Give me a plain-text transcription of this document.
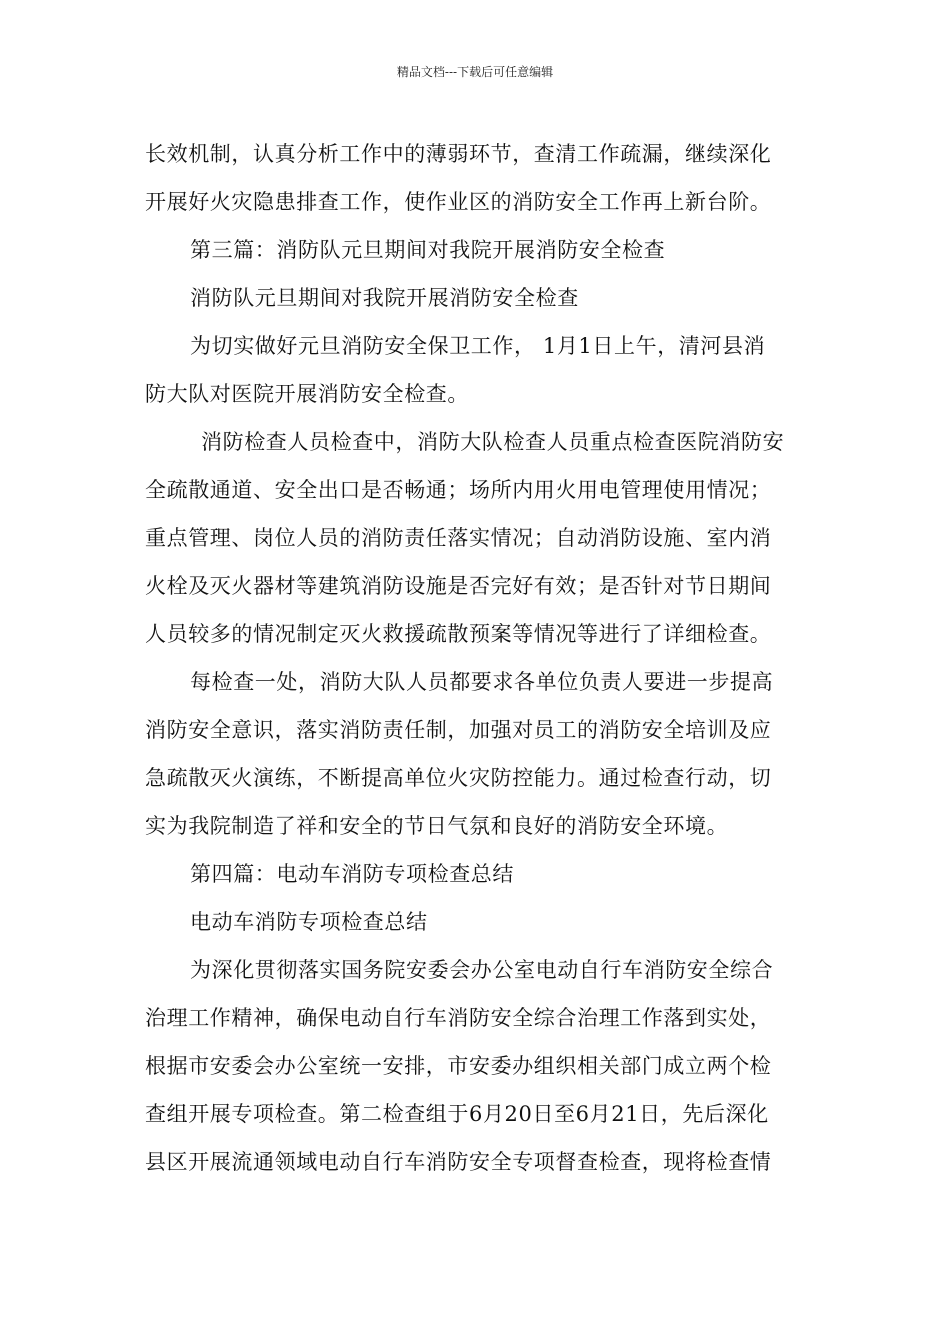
精品文档---下载后可任意编辑
长效机制，认真分析工作中的薄弱环节，查清工作疏漏，继续深化
开展好火灾隐患排查工作，使作业区的消防安全工作再上新台阶。
第三篇：消防队元旦期间对我院开展消防安全检查
消防队元旦期间对我院开展消防安全检查
为切实做好元旦消防安全保卫工作， 1月1日上午，清河县消
防大队对医院开展消防安全检查。
消防检查人员检查中，消防大队检查人员重点检查医院消防安
全疏散通道、安全出口是否畅通；场所内用火用电管理使用情况；
重点管理、岗位人员的消防责任落实情况；自动消防设施、室内消
火栓及灭火器材等建筑消防设施是否完好有效；是否针对节日期间
人员较多的情况制定灭火救援疏散预案等情况等进行了详细检查。
每检查一处，消防大队人员都要求各单位负责人要进一步提高
消防安全意识，落实消防责任制，加强对员工的消防安全培训及应
急疏散灭火演练，不断提高单位火灾防控能力。通过检查行动，切
实为我院制造了祥和安全的节日气氛和良好的消防安全环境。
第四篇：电动车消防专项检查总结
电动车消防专项检查总结
为深化贯彻落实国务院安委会办公室电动自行车消防安全综合
治理工作精神，确保电动自行车消防安全综合治理工作落到实处，
根据市安委会办公室统一安排，市安委办组织相关部门成立两个检
查组开展专项检查。第二检查组于6月20日至6月21日，先后深化
县区开展流通领域电动自行车消防安全专项督查检查，现将检查情
